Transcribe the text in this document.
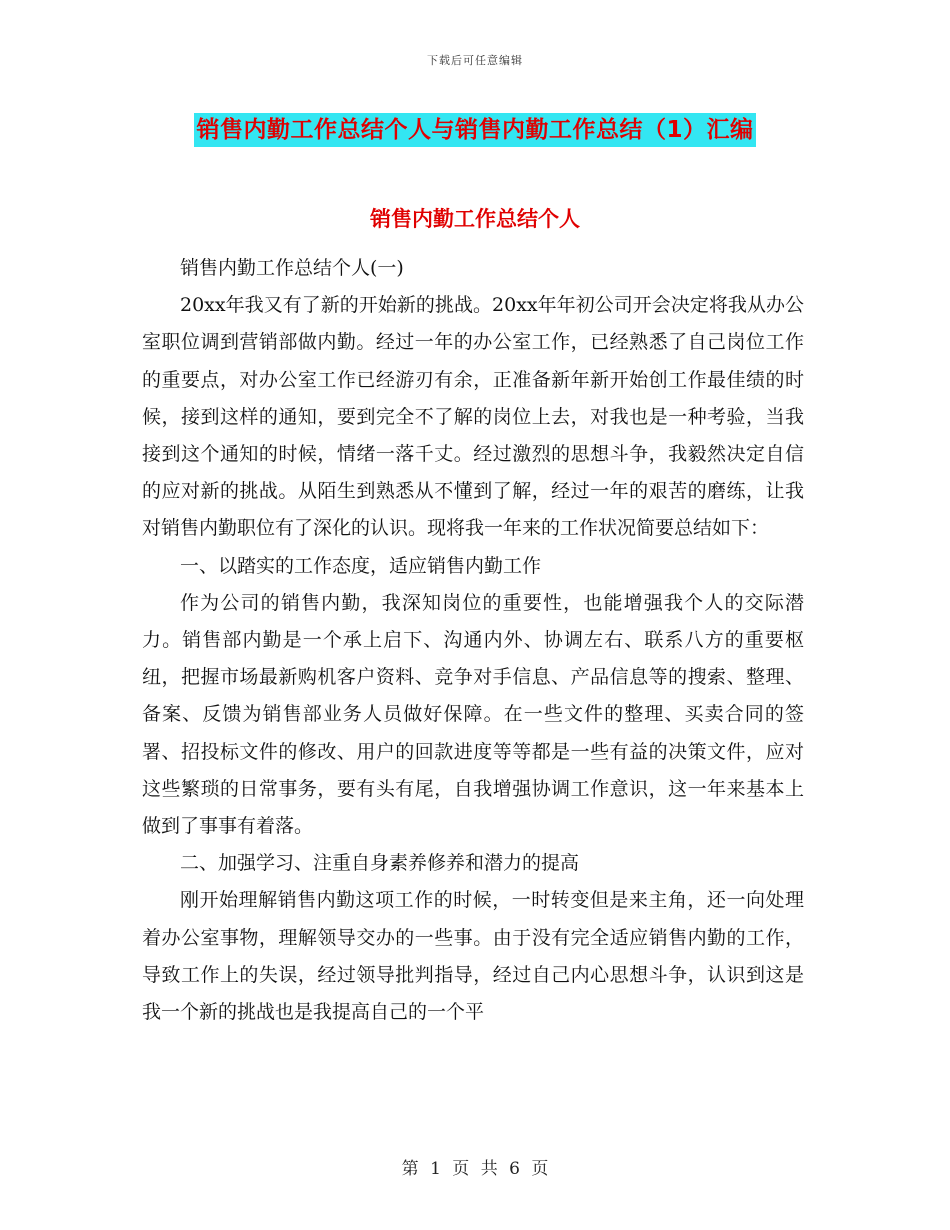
下载后可任意编辑
销售内勤工作总结个人与销售内勤工作总结（1）汇编
销售内勤工作总结个人

销售内勤工作总结个人(一)

20xx年我又有了新的开始新的挑战。20xx年年初公司开会决定将我从办公室职位调到营销部做内勤。经过一年的办公室工作，已经熟悉了自己岗位工作的重要点，对办公室工作已经游刃有余，正准备新年新开始创工作最佳绩的时候，接到这样的通知，要到完全不了解的岗位上去，对我也是一种考验，当我接到这个通知的时候，情绪一落千丈。经过激烈的思想斗争，我毅然决定自信的应对新的挑战。从陌生到熟悉从不懂到了解，经过一年的艰苦的磨练，让我对销售内勤职位有了深化的认识。现将我一年来的工作状况简要总结如下：

一、以踏实的工作态度，适应销售内勤工作

作为公司的销售内勤，我深知岗位的重要性，也能增强我个人的交际潜力。销售部内勤是一个承上启下、沟通内外、协调左右、联系八方的重要枢纽，把握市场最新购机客户资料、竞争对手信息、产品信息等的搜索、整理、备案、反馈为销售部业务人员做好保障。在一些文件的整理、买卖合同的签署、招投标文件的修改、用户的回款进度等等都是一些有益的决策文件，应对这些繁琐的日常事务，要有头有尾，自我增强协调工作意识，这一年来基本上做到了事事有着落。

二、加强学习、注重自身素养修养和潜力的提高

刚开始理解销售内勤这项工作的时候，一时转变但是来主角，还一向处理着办公室事物，理解领导交办的一些事。由于没有完全适应销售内勤的工作，导致工作上的失误，经过领导批判指导，经过自己内心思想斗争，认识到这是我一个新的挑战也是我提高自己的一个平

第 1 页 共 6 页
